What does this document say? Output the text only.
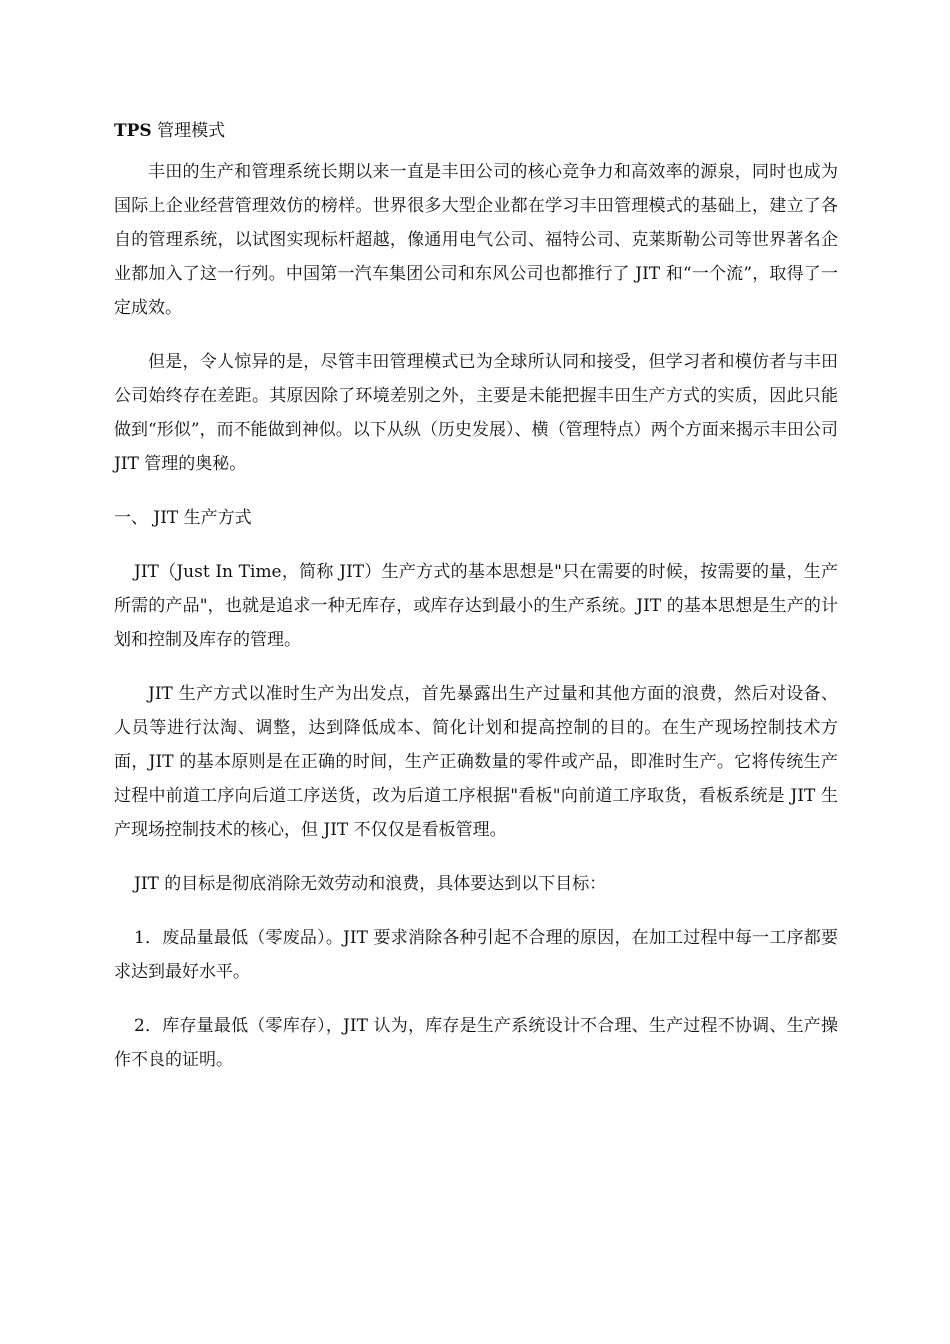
TPS 管理模式

丰田的生产和管理系统长期以来一直是丰田公司的核心竞争力和高效率的源泉，同时也成为国际上企业经营管理效仿的榜样。世界很多大型企业都在学习丰田管理模式的基础上，建立了各自的管理系统，以试图实现标杆超越，像通用电气公司、福特公司、克莱斯勒公司等世界著名企业都加入了这一行列。中国第一汽车集团公司和东风公司也都推行了 JIT 和“一个流”，取得了一定成效。

但是，令人惊异的是，尽管丰田管理模式已为全球所认同和接受，但学习者和模仿者与丰田公司始终存在差距。其原因除了环境差别之外，主要是未能把握丰田生产方式的实质，因此只能做到“形似”，而不能做到神似。以下从纵（历史发展）、横（管理特点）两个方面来揭示丰田公司 JIT 管理的奥秘。

一、 JIT 生产方式

JIT（Just In Time，简称 JIT）生产方式的基本思想是"只在需要的时候，按需要的量，生产所需的产品"，也就是追求一种无库存，或库存达到最小的生产系统。JIT 的基本思想是生产的计划和控制及库存的管理。

JIT 生产方式以准时生产为出发点，首先暴露出生产过量和其他方面的浪费，然后对设备、人员等进行汰淘、调整，达到降低成本、简化计划和提高控制的目的。在生产现场控制技术方面，JIT 的基本原则是在正确的时间，生产正确数量的零件或产品，即准时生产。它将传统生产过程中前道工序向后道工序送货，改为后道工序根据"看板"向前道工序取货，看板系统是 JIT 生产现场控制技术的核心，但 JIT 不仅仅是看板管理。

JIT 的目标是彻底消除无效劳动和浪费，具体要达到以下目标：

1．废品量最低（零废品）。JIT 要求消除各种引起不合理的原因，在加工过程中每一工序都要求达到最好水平。

2．库存量最低（零库存），JIT 认为，库存是生产系统设计不合理、生产过程不协调、生产操作不良的证明。
